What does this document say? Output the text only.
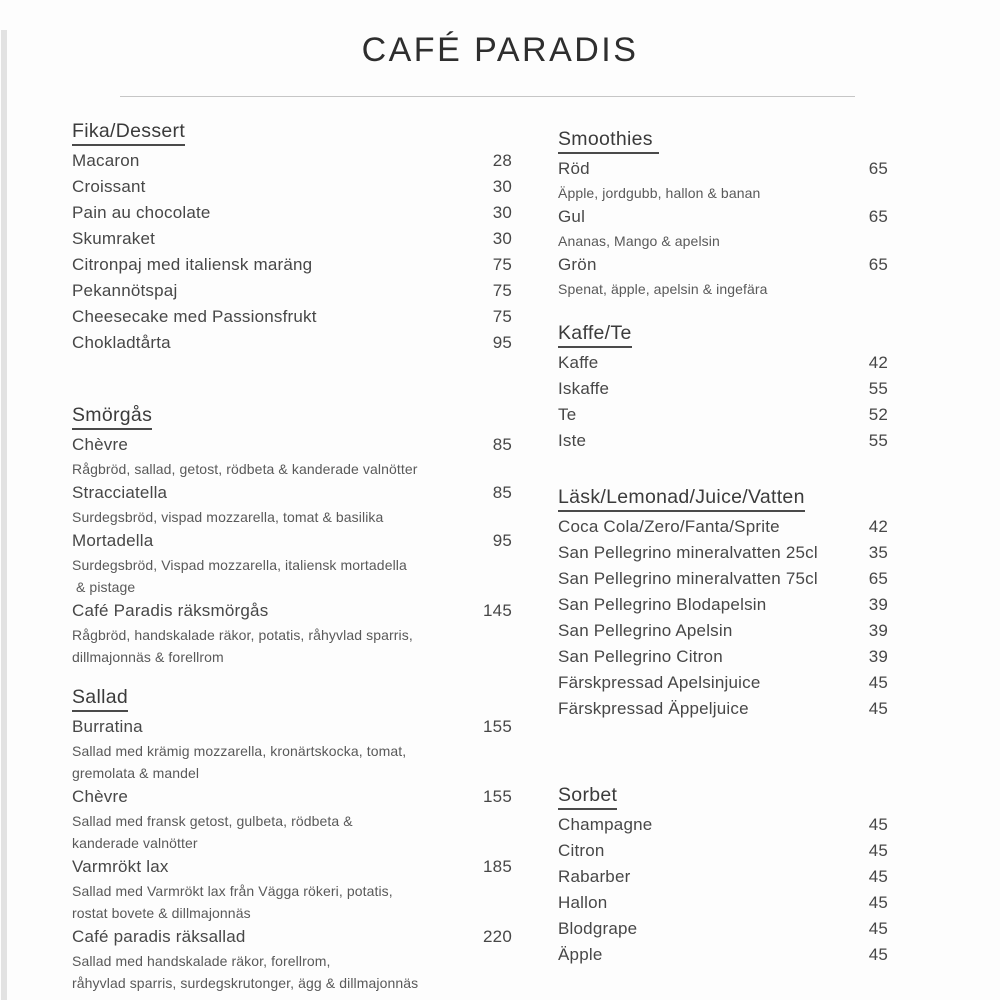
CAFÉ PARADIS
Fika/Dessert
Macaron	28
Croissant	30
Pain au chocolate	30
Skumraket	30
Citronpaj med italiensk maräng	75
Pekannötspaj	75
Cheesecake med Passionsfrukt	75
Chokladtårta	95
Smörgås
Chèvre	85
Rågbröd, sallad, getost, rödbeta & kanderade valnötter
Stracciatella	85
Surdegsbröd, vispad mozzarella, tomat & basilika
Mortadella	95
Surdegsbröd, Vispad mozzarella, italiensk mortadella
& pistage
Café Paradis räksmörgås	145
Rågbröd, handskalade räkor, potatis, råhyvlad sparris,
dillmajonnäs & forellrom
Sallad
Burratina	155
Sallad med krämig mozzarella, kronärtskocka, tomat,
gremolata & mandel
Chèvre	155
Sallad med fransk getost, gulbeta, rödbeta &
kanderade valnötter
Varmrökt lax	185
Sallad med Varmrökt lax från Vägga rökeri, potatis,
rostat bovete & dillmajonnäs
Café paradis räksallad	220
Sallad med handskalade räkor, forellrom,
råhyvlad sparris, surdegskrutonger, ägg & dillmajonnäs
Smoothies
Röd	65
Äpple, jordgubb, hallon & banan
Gul	65
Ananas, Mango & apelsin
Grön	65
Spenat, äpple, apelsin & ingefära
Kaffe/Te
Kaffe	42
Iskaffe	55
Te	52
Iste	55
Läsk/Lemonad/Juice/Vatten
Coca Cola/Zero/Fanta/Sprite	42
San Pellegrino mineralvatten 25cl	35
San Pellegrino mineralvatten 75cl	65
San Pellegrino Blodapelsin	39
San Pellegrino Apelsin	39
San Pellegrino Citron	39
Färskpressad Apelsinjuice	45
Färskpressad Äppeljuice	45
Sorbet
Champagne	45
Citron	45
Rabarber	45
Hallon	45
Blodgrape	45
Äpple	45
